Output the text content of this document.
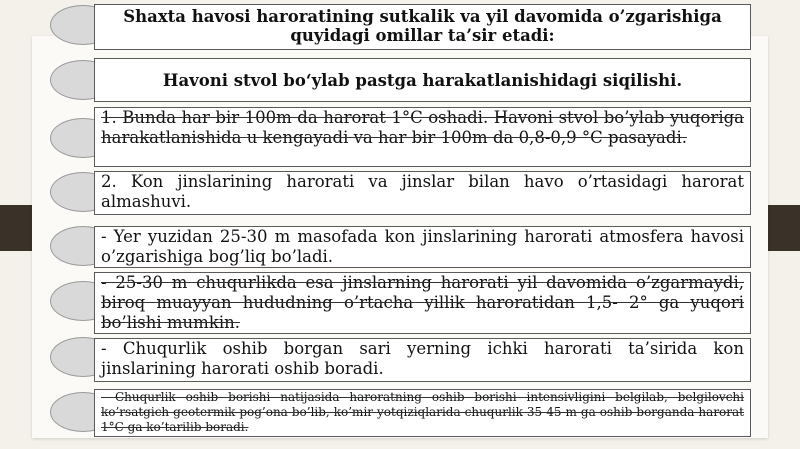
Shaxta havosi haroratining sutkalik va yil davomida o’zgarishiga quyidagi omillar ta’sir etadi:
Havoni stvol bo‘ylab pastga harakatlanishidagi siqilishi.
1. Bunda har bir 100m da harorat 1°C oshadi. Havoni stvol bo’ylab yuqoriga harakatlanishida u kengayadi va har bir 100m da 0,8-0,9 °C pasayadi.
2. Kon jinslarining harorati va jinslar bilan havo o’rtasidagi harorat almashuvi.
- Yer yuzidan 25-30 m masofada kon jinslarining harorati atmosfera havosi o’zgarishiga bog’liq bo’ladi.
- 25-30 m chuqurlikda esa jinslarning harorati yil davomida o’zgarmaydi, biroq muayyan hududning o’rtacha yillik haroratidan 1,5- 2° ga yuqori bo’lishi mumkin.
- Chuqurlik oshib borgan sari yerning ichki harorati ta’sirida kon jinslarining harorati oshib boradi.
- Chuqurlik oshib borishi natijasida haroratning oshib borishi intensivligini belgilab, belgilovchi ko’rsatgich geotermik pog’ona bo’lib, ko’mir yotqiziqlarida chuqurlik 35-45 m ga oshib borganda harorat 1°C ga ko’tarilib boradi.
